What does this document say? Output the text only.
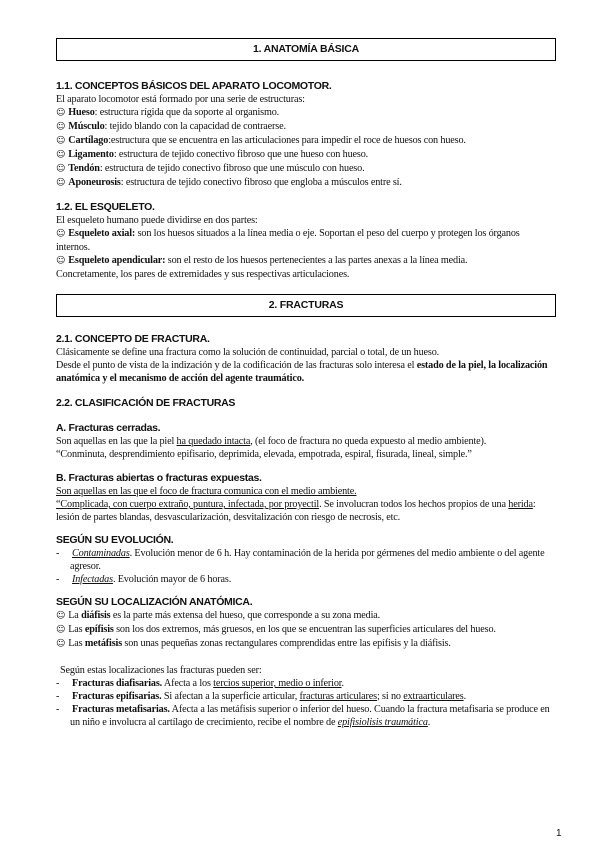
1. ANATOMÍA BÁSICA

1.1. CONCEPTOS BÁSICOS DEL APARATO LOCOMOTOR.

El aparato locomotor está formado por una serie de estructuras:

☺ Hueso: estructura rígida que da soporte al organismo.

☺ Músculo: tejido blando con la capacidad de contraerse.

☺ Cartílago:estructura que se encuentra en las articulaciones para impedir el roce de huesos con hueso.

☺ Ligamento: estructura de tejido conectivo fibroso que une hueso con hueso.

☺ Tendón: estructura de tejido conectivo fibroso que une músculo con hueso.

☺ Aponeurosis: estructura de tejido conectivo fibroso que engloba a músculos entre sí.

1.2. EL ESQUELETO.

El esqueleto humano puede dividirse en dos partes:

☺ Esqueleto axial: son los huesos situados a la línea media o eje. Soportan el peso del cuerpo y protegen los órganos internos.

☺ Esqueleto apendicular: son el resto de los huesos pertenecientes a las partes anexas a la línea media.

Concretamente, los pares de extremidades y sus respectivas articulaciones.

2. FRACTURAS

2.1. CONCEPTO DE FRACTURA.

Clásicamente se define una fractura como la solución de continuidad, parcial o total, de un hueso.

Desde el punto de vista de la indización y de la codificación de las fracturas solo interesa el estado de la piel, la localización anatómica y el mecanismo de acción del agente traumático.

2.2. CLASIFICACIÓN DE FRACTURAS

A. Fracturas cerradas.

Son aquellas en las que la piel ha quedado intacta, (el foco de fractura no queda expuesto al medio ambiente).

“Conminuta, desprendimiento epifisario, deprimida, elevada, empotrada, espiral, fisurada, lineal, simple.”

B. Fracturas abiertas o fracturas expuestas.

Son aquellas en las que el foco de fractura comunica con el medio ambiente.

“Complicada, con cuerpo extraño, puntura, infectada, por proyectil. Se involucran todos los hechos propios de una herida: lesión de partes blandas, desvascularización, desvitalización con riesgo de necrosis, etc.

SEGÚN SU EVOLUCIÓN.

- Contaminadas. Evolución menor de 6 h. Hay contaminación de la herida por gérmenes del medio ambiente o del agente agresor.

- Infectadas. Evolución mayor de 6 horas.

SEGÚN SU LOCALIZACIÓN ANATÓMICA.

☺ La diáfisis es la parte más extensa del hueso, que corresponde a su zona media.

☺ Las epífisis son los dos extremos, más gruesos, en los que se encuentran las superficies articulares del hueso.

☺ Las metáfisis son unas pequeñas zonas rectangulares comprendidas entre las epífisis y la diáfisis.

Según estas localizaciones las fracturas pueden ser:

- Fracturas diafisarias. Afecta a los tercios superior, medio o inferior.

- Fracturas epifisarias. Si afectan a la superficie articular, fracturas articulares; si no extraarticulares.

- Fracturas metafisarias. Afecta a las metáfisis superior o inferior del hueso. Cuando la fractura metafisaria se produce en un niño e involucra al cartílago de crecimiento, recibe el nombre de epifisiolisis traumática.

1
